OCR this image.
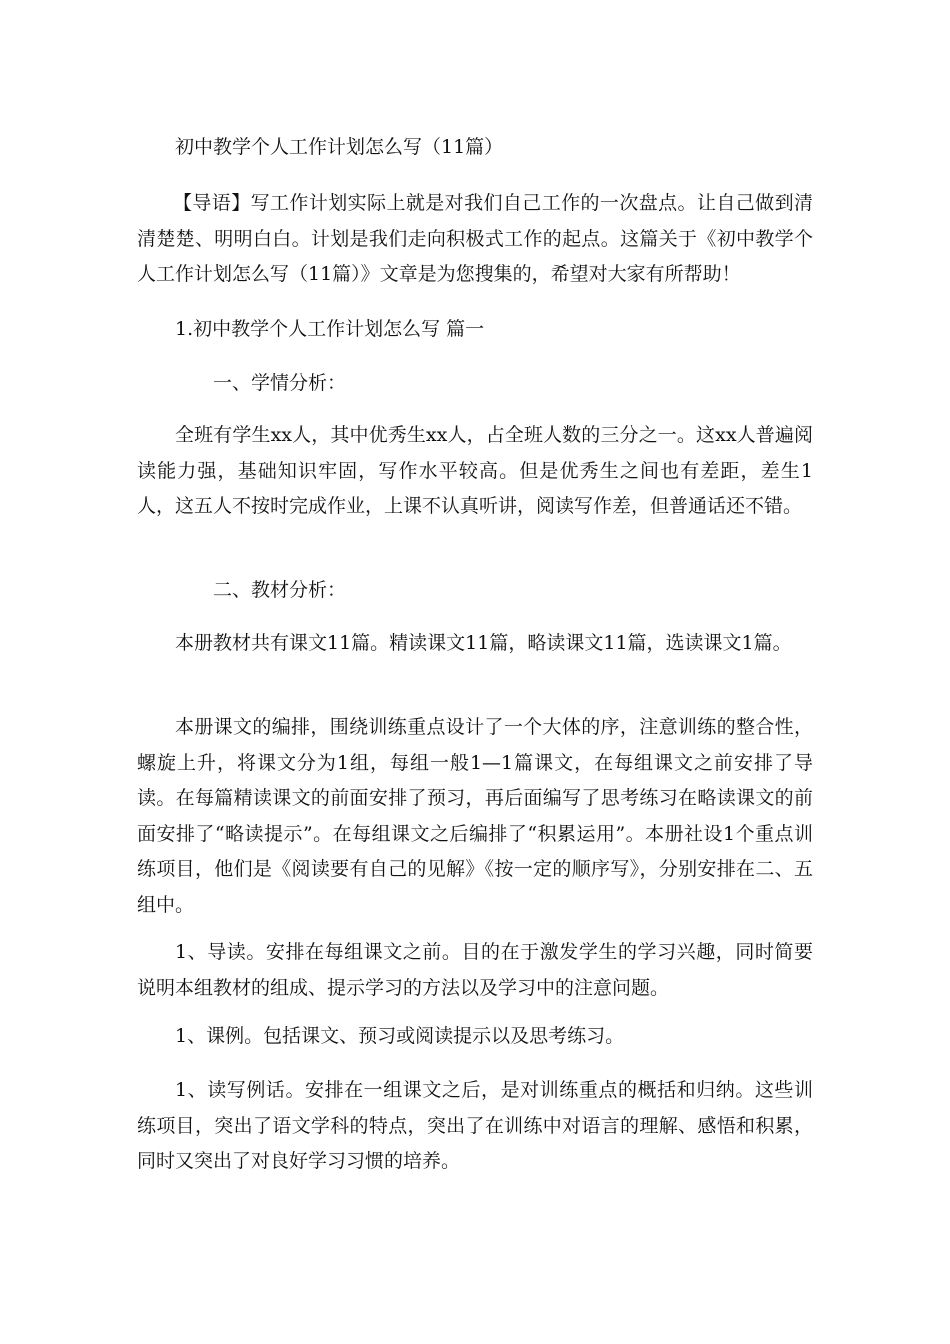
初中教学个人工作计划怎么写（11篇）
【导语】写工作计划实际上就是对我们自己工作的一次盘点。让自己做到清清楚楚、明明白白。计划是我们走向积极式工作的起点。这篇关于《初中教学个人工作计划怎么写（11篇）》文章是为您搜集的，希望对大家有所帮助！
1.初中教学个人工作计划怎么写 篇一
一、学情分析：
全班有学生xx人，其中优秀生xx人，占全班人数的三分之一。这xx人普遍阅读能力强，基础知识牢固，写作水平较高。但是优秀生之间也有差距，差生1人，这五人不按时完成作业，上课不认真听讲，阅读写作差，但普通话还不错。
二、教材分析：
本册教材共有课文11篇。精读课文11篇，略读课文11篇，选读课文1篇。
本册课文的编排，围绕训练重点设计了一个大体的序，注意训练的整合性，螺旋上升，将课文分为1组，每组一般1—1篇课文，在每组课文之前安排了导读。在每篇精读课文的前面安排了预习，再后面编写了思考练习在略读课文的前面安排了“略读提示”。在每组课文之后编排了“积累运用”。本册社设1个重点训练项目，他们是《阅读要有自己的见解》《按一定的顺序写》，分别安排在二、五组中。
1、导读。安排在每组课文之前。目的在于激发学生的学习兴趣，同时简要说明本组教材的组成、提示学习的方法以及学习中的注意问题。
1、课例。包括课文、预习或阅读提示以及思考练习。
1、读写例话。安排在一组课文之后，是对训练重点的概括和归纳。这些训练项目，突出了语文学科的特点，突出了在训练中对语言的理解、感悟和积累，同时又突出了对良好学习习惯的培养。
